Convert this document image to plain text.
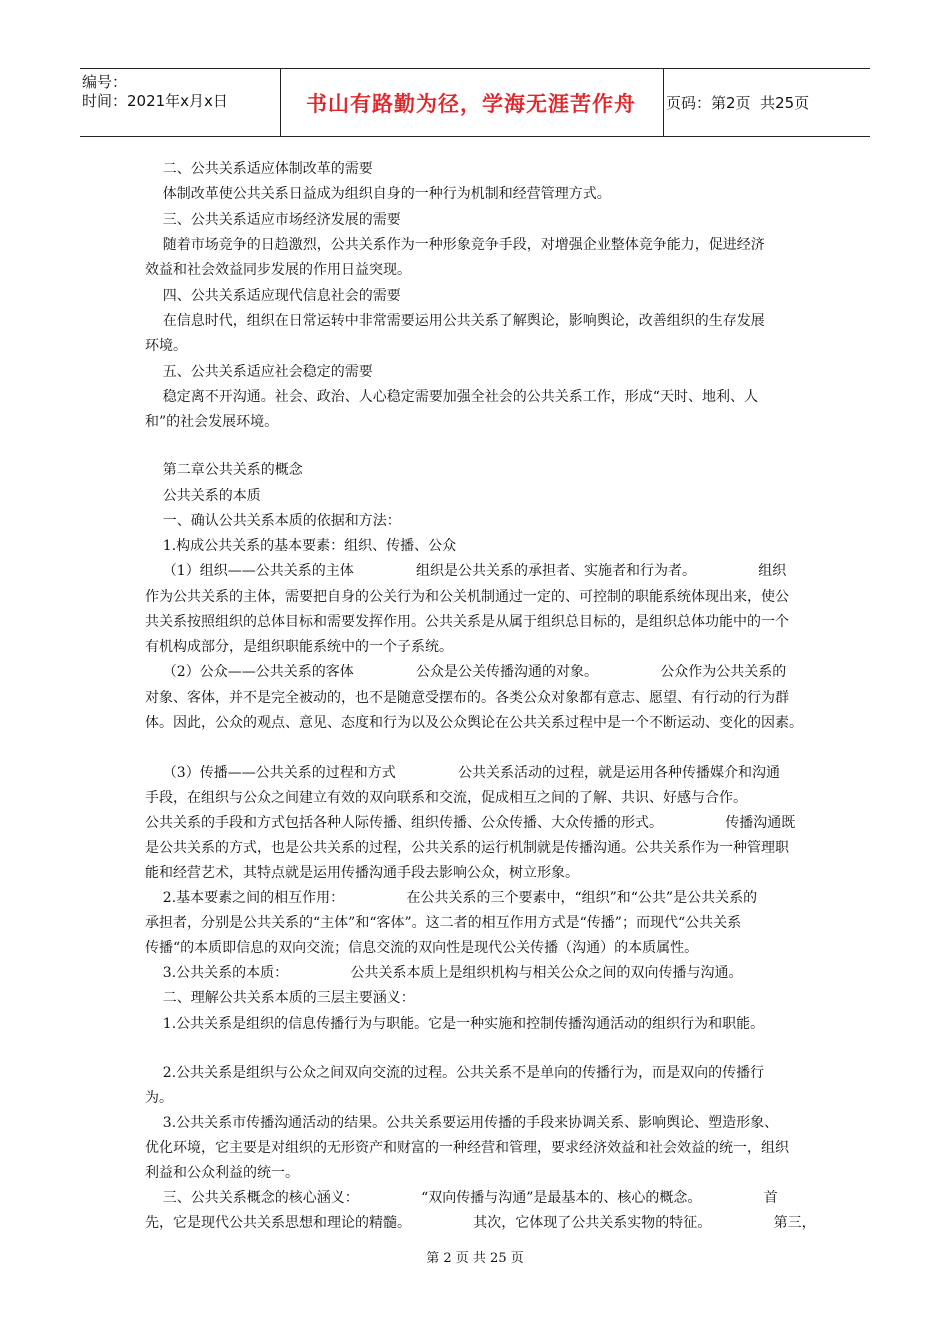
编号：
时间：2021年x月x日	书山有路勤为径，学海无涯苦作舟	页码：第2页  共25页
二、公共关系适应体制改革的需要
体制改革使公共关系日益成为组织自身的一种行为机制和经营管理方式。
三、公共关系适应市场经济发展的需要
随着市场竞争的日趋激烈，公共关系作为一种形象竞争手段，对增强企业整体竞争能力，促进经济
效益和社会效益同步发展的作用日益突现。
四、公共关系适应现代信息社会的需要
在信息时代，组织在日常运转中非常需要运用公共关系了解舆论，影响舆论，改善组织的生存发展
环境。
五、公共关系适应社会稳定的需要
稳定离不开沟通。社会、政治、人心稳定需要加强全社会的公共关系工作，形成“天时、地利、人
和”的社会发展环境。
第二章公共关系的概念
公共关系的本质
一、确认公共关系本质的依据和方法：
1.构成公共关系的基本要素：组织、传播、公众
（1）组织——公共关系的主体              组织是公共关系的承担者、实施者和行为者。              组织
作为公共关系的主体，需要把自身的公关行为和公关机制通过一定的、可控制的职能系统体现出来，使公
共关系按照组织的总体目标和需要发挥作用。公共关系是从属于组织总目标的，是组织总体功能中的一个
有机构成部分，是组织职能系统中的一个子系统。
（2）公众——公共关系的客体              公众是公关传播沟通的对象。              公众作为公共关系的
对象、客体，并不是完全被动的，也不是随意受摆布的。各类公众对象都有意志、愿望、有行动的行为群
体。因此，公众的观点、意见、态度和行为以及公众舆论在公共关系过程中是一个不断运动、变化的因素。
（3）传播——公共关系的过程和方式              公共关系活动的过程，就是运用各种传播媒介和沟通
手段，在组织与公众之间建立有效的双向联系和交流，促成相互之间的了解、共识、好感与合作。
公共关系的手段和方式包括各种人际传播、组织传播、公众传播、大众传播的形式。              传播沟通既
是公共关系的方式，也是公共关系的过程，公共关系的运行机制就是传播沟通。公共关系作为一种管理职
能和经营艺术，其特点就是运用传播沟通手段去影响公众，树立形象。
2.基本要素之间的相互作用：              在公共关系的三个要素中，“组织”和“公共”是公共关系的
承担者，分别是公共关系的“主体”和“客体”。这二者的相互作用方式是“传播”；而现代“公共关系
传播“的本质即信息的双向交流；信息交流的双向性是现代公关传播（沟通）的本质属性。
3.公共关系的本质：              公共关系本质上是组织机构与相关公众之间的双向传播与沟通。
二、理解公共关系本质的三层主要涵义：
1.公共关系是组织的信息传播行为与职能。它是一种实施和控制传播沟通活动的组织行为和职能。
2.公共关系是组织与公众之间双向交流的过程。公共关系不是单向的传播行为，而是双向的传播行
为。
3.公共关系市传播沟通活动的结果。公共关系要运用传播的手段来协调关系、影响舆论、塑造形象、
优化环境，它主要是对组织的无形资产和财富的一种经营和管理，要求经济效益和社会效益的统一，组织
利益和公众利益的统一。
三、公共关系概念的核心涵义：              “双向传播与沟通”是最基本的、核心的概念。              首
先，它是现代公共关系思想和理论的精髓。              其次，它体现了公共关系实物的特征。              第三，
第 2 页 共 25 页
